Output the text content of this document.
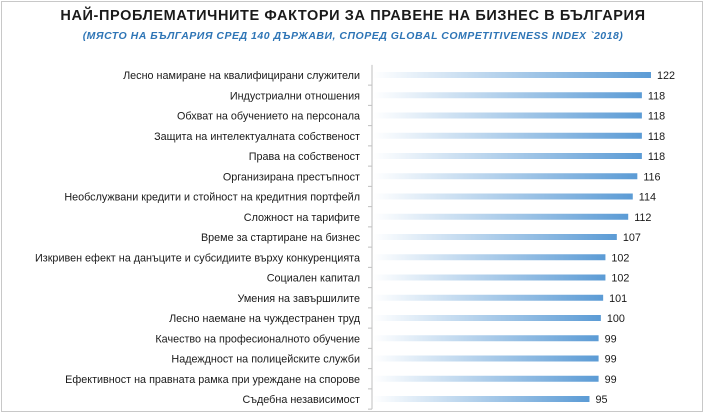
НАЙ-ПРОБЛЕМАТИЧНИТЕ ФАКТОРИ ЗА ПРАВЕНЕ НА БИЗНЕС В БЪЛГАРИЯ
(МЯСТО НА БЪЛГАРИЯ СРЕД 140 ДЪРЖАВИ, СПОРЕД GLOBAL COMPETITIVENESS INDEX `2018)
Лесно намиране на квалифицирани служители	122
Индустриални отношения	118
Обхват на обучението на персонала	118
Защита на интелектуалната собственост	118
Права на собственост	118
Организирана престъпност	116
Необслужвани кредити и стойност на кредитния портфейл	114
Сложност на тарифите	112
Време за стартиране на бизнес	107
Изкривен ефект на данъците и субсидиите върху конкуренцията	102
Социален капитал	102
Умения на завършилите	101
Лесно наемане на чуждестранен труд	100
Качество на професионалното обучение	99
Надеждност на полицейските служби	99
Ефективност на правната рамка при уреждане на спорове	99
Съдебна независимост	95
